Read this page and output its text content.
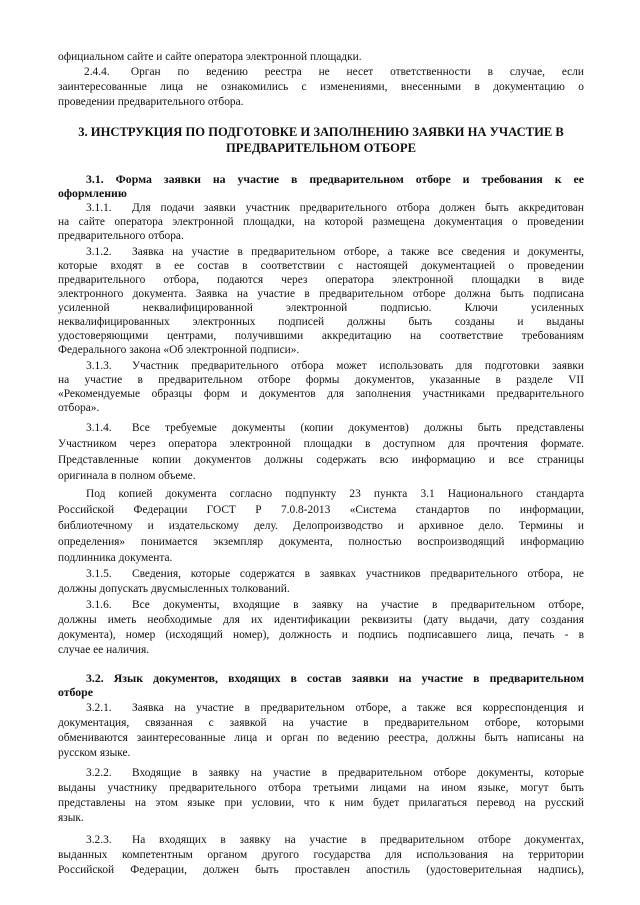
официальном сайте и сайте оператора электронной площадки.
2.4.4. Орган по ведению реестра не несет ответственности в случае, если
заинтересованные лица не ознакомились с изменениями, внесенными в документацию о
проведении предварительного отбора.
3. ИНСТРУКЦИЯ ПО ПОДГОТОВКЕ И ЗАПОЛНЕНИЮ ЗАЯВКИ НА УЧАСТИЕ В
ПРЕДВАРИТЕЛЬНОМ ОТБОРЕ
3.1. Форма заявки на участие в предварительном отборе и требования к ее
оформлению
3.1.1.	Для подачи заявки участник предварительного отбора должен быть аккредитован
на сайте оператора электронной площадки, на которой размещена документация о проведении
предварительного отбора.
3.1.2.	Заявка на участие в предварительном отборе, а также все сведения и документы,
которые входят в ее состав в соответствии с настоящей документацией о проведении
предварительного отбора, подаются через оператора электронной площадки в виде
электронного документа. Заявка на участие в предварительном отборе должна быть подписана
усиленной неквалифицированной электронной подписью. Ключи усиленных
неквалифицированных электронных подписей должны быть созданы и выданы
удостоверяющими центрами, получившими аккредитацию на соответствие требованиям
Федерального закона «Об электронной подписи».
3.1.3.	Участник предварительного отбора может использовать для подготовки заявки
на участие в предварительном отборе формы документов, указанные в разделе VII
«Рекомендуемые образцы форм и документов для заполнения участниками предварительного
отбора».
3.1.4.	Все требуемые документы (копии документов) должны быть представлены
Участником через оператора электронной площадки в доступном для прочтения формате.
Представленные копии документов должны содержать всю информацию и все страницы
оригинала в полном объеме.
Под копией документа согласно подпункту 23 пункта 3.1 Национального стандарта
Российской Федерации ГОСТ Р 7.0.8-2013 «Система стандартов по информации,
библиотечному и издательскому делу. Делопроизводство и архивное дело. Термины и
определения» понимается экземпляр документа, полностью воспроизводящий информацию
подлинника документа.
3.1.5.	Сведения, которые содержатся в заявках участников предварительного отбора, не
должны допускать двусмысленных толкований.
3.1.6.	Все документы, входящие в заявку на участие в предварительном отборе,
должны иметь необходимые для их идентификации реквизиты (дату выдачи, дату создания
документа), номер (исходящий номер), должность и подпись подписавшего лица, печать - в
случае ее наличия.
3.2. Язык документов, входящих в состав заявки на участие в предварительном
отборе
3.2.1.	Заявка на участие в предварительном отборе, а также вся корреспонденция и
документация, связанная с заявкой на участие в предварительном отборе, которыми
обмениваются заинтересованные лица и орган по ведению реестра, должны быть написаны на
русском языке.
3.2.2.	Входящие в заявку на участие в предварительном отборе документы, которые
выданы участнику предварительного отбора третьими лицами на ином языке, могут быть
представлены на этом языке при условии, что к ним будет прилагаться перевод на русский
язык.
3.2.3.	На входящих в заявку на участие в предварительном отборе документах,
выданных компетентным органом другого государства для использования на территории
Российской Федерации, должен быть проставлен апостиль (удостоверительная надпись),
